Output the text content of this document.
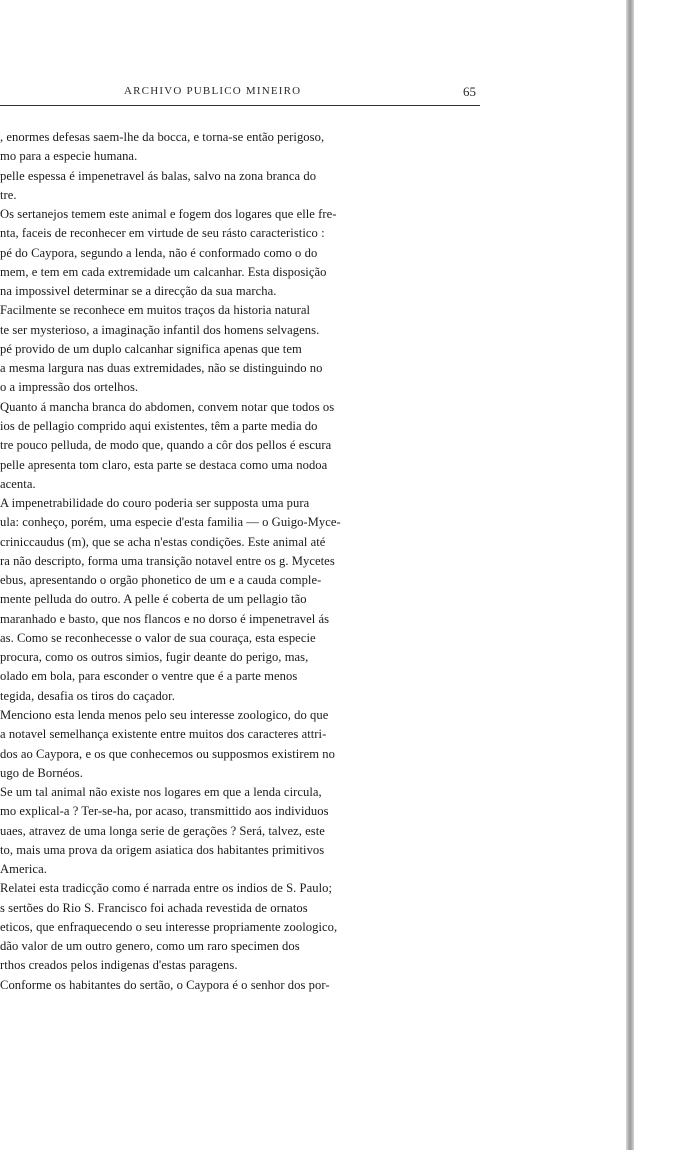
ARCHIVO PUBLICO MINEIRO	65
, enormes defesas saem-lhe da bocca, e torna-se então perigoso,
mo para a especie humana.
pelle espessa é impenetravel ás balas, salvo na zona branca do
tre.
Os sertanejos temem este animal e fogem dos logares que elle fre-
nta, faceis de reconhecer em virtude de seu rásto caracteristico :
pé do Caypora, segundo a lenda, não é conformado como o do
mem, e tem em cada extremidade um calcanhar. Esta disposição
na impossivel determinar se a direcção da sua marcha.
Facilmente se reconhece em muitos traços da historia natural
te ser mysterioso, a imaginação infantil dos homens selvagens.
pé provido de um duplo calcanhar significa apenas que tem
a mesma largura nas duas extremidades, não se distinguindo no
o a impressão dos ortelhos.
Quanto á mancha branca do abdomen, convem notar que todos os
ios de pellagio comprido aqui existentes, têm a parte media do
tre pouco pelluda, de modo que, quando a côr dos pellos é escura
pelle apresenta tom claro, esta parte se destaca como uma nodoa
acenta.
A impenetrabilidade do couro poderia ser supposta uma pura
ula: conheço, porém, uma especie d'esta familia — o Guigo-Myce-
criniccaudus (m), que se acha n'estas condições. Este animal até
ra não descripto, forma uma transição notavel entre os g. Mycetes
ebus, apresentando o orgão phonetico de um e a cauda comple-
mente pelluda do outro. A pelle é coberta de um pellagio tão
maranhado e basto, que nos flancos e no dorso é impenetravel ás
as. Como se reconhecesse o valor de sua couraça, esta especie
procura, como os outros simios, fugir deante do perigo, mas,
olado em bola, para esconder o ventre que é a parte menos
tegida, desafia os tiros do caçador.
Menciono esta lenda menos pelo seu interesse zoologico, do que
a notavel semelhança existente entre muitos dos caracteres attri-
dos ao Caypora, e os que conhecemos ou supposmos existirem no
ugo de Bornéos.
Se um tal animal não existe nos logares em que a lenda circula,
mo explical-a ? Ter-se-ha, por acaso, transmittido aos individuos
uaes, atravez de uma longa serie de gerações ? Será, talvez, este
to, mais uma prova da origem asiatica dos habitantes primitivos
America.
Relatei esta tradicção como é narrada entre os indios de S. Paulo;
s sertões do Rio S. Francisco foi achada revestida de ornatos
eticos, que enfraquecendo o seu interesse propriamente zoologico,
dão valor de um outro genero, como um raro specimen dos
rthos creados pelos indigenas d'estas paragens.
Conforme os habitantes do sertão, o Caypora é o senhor dos por-
